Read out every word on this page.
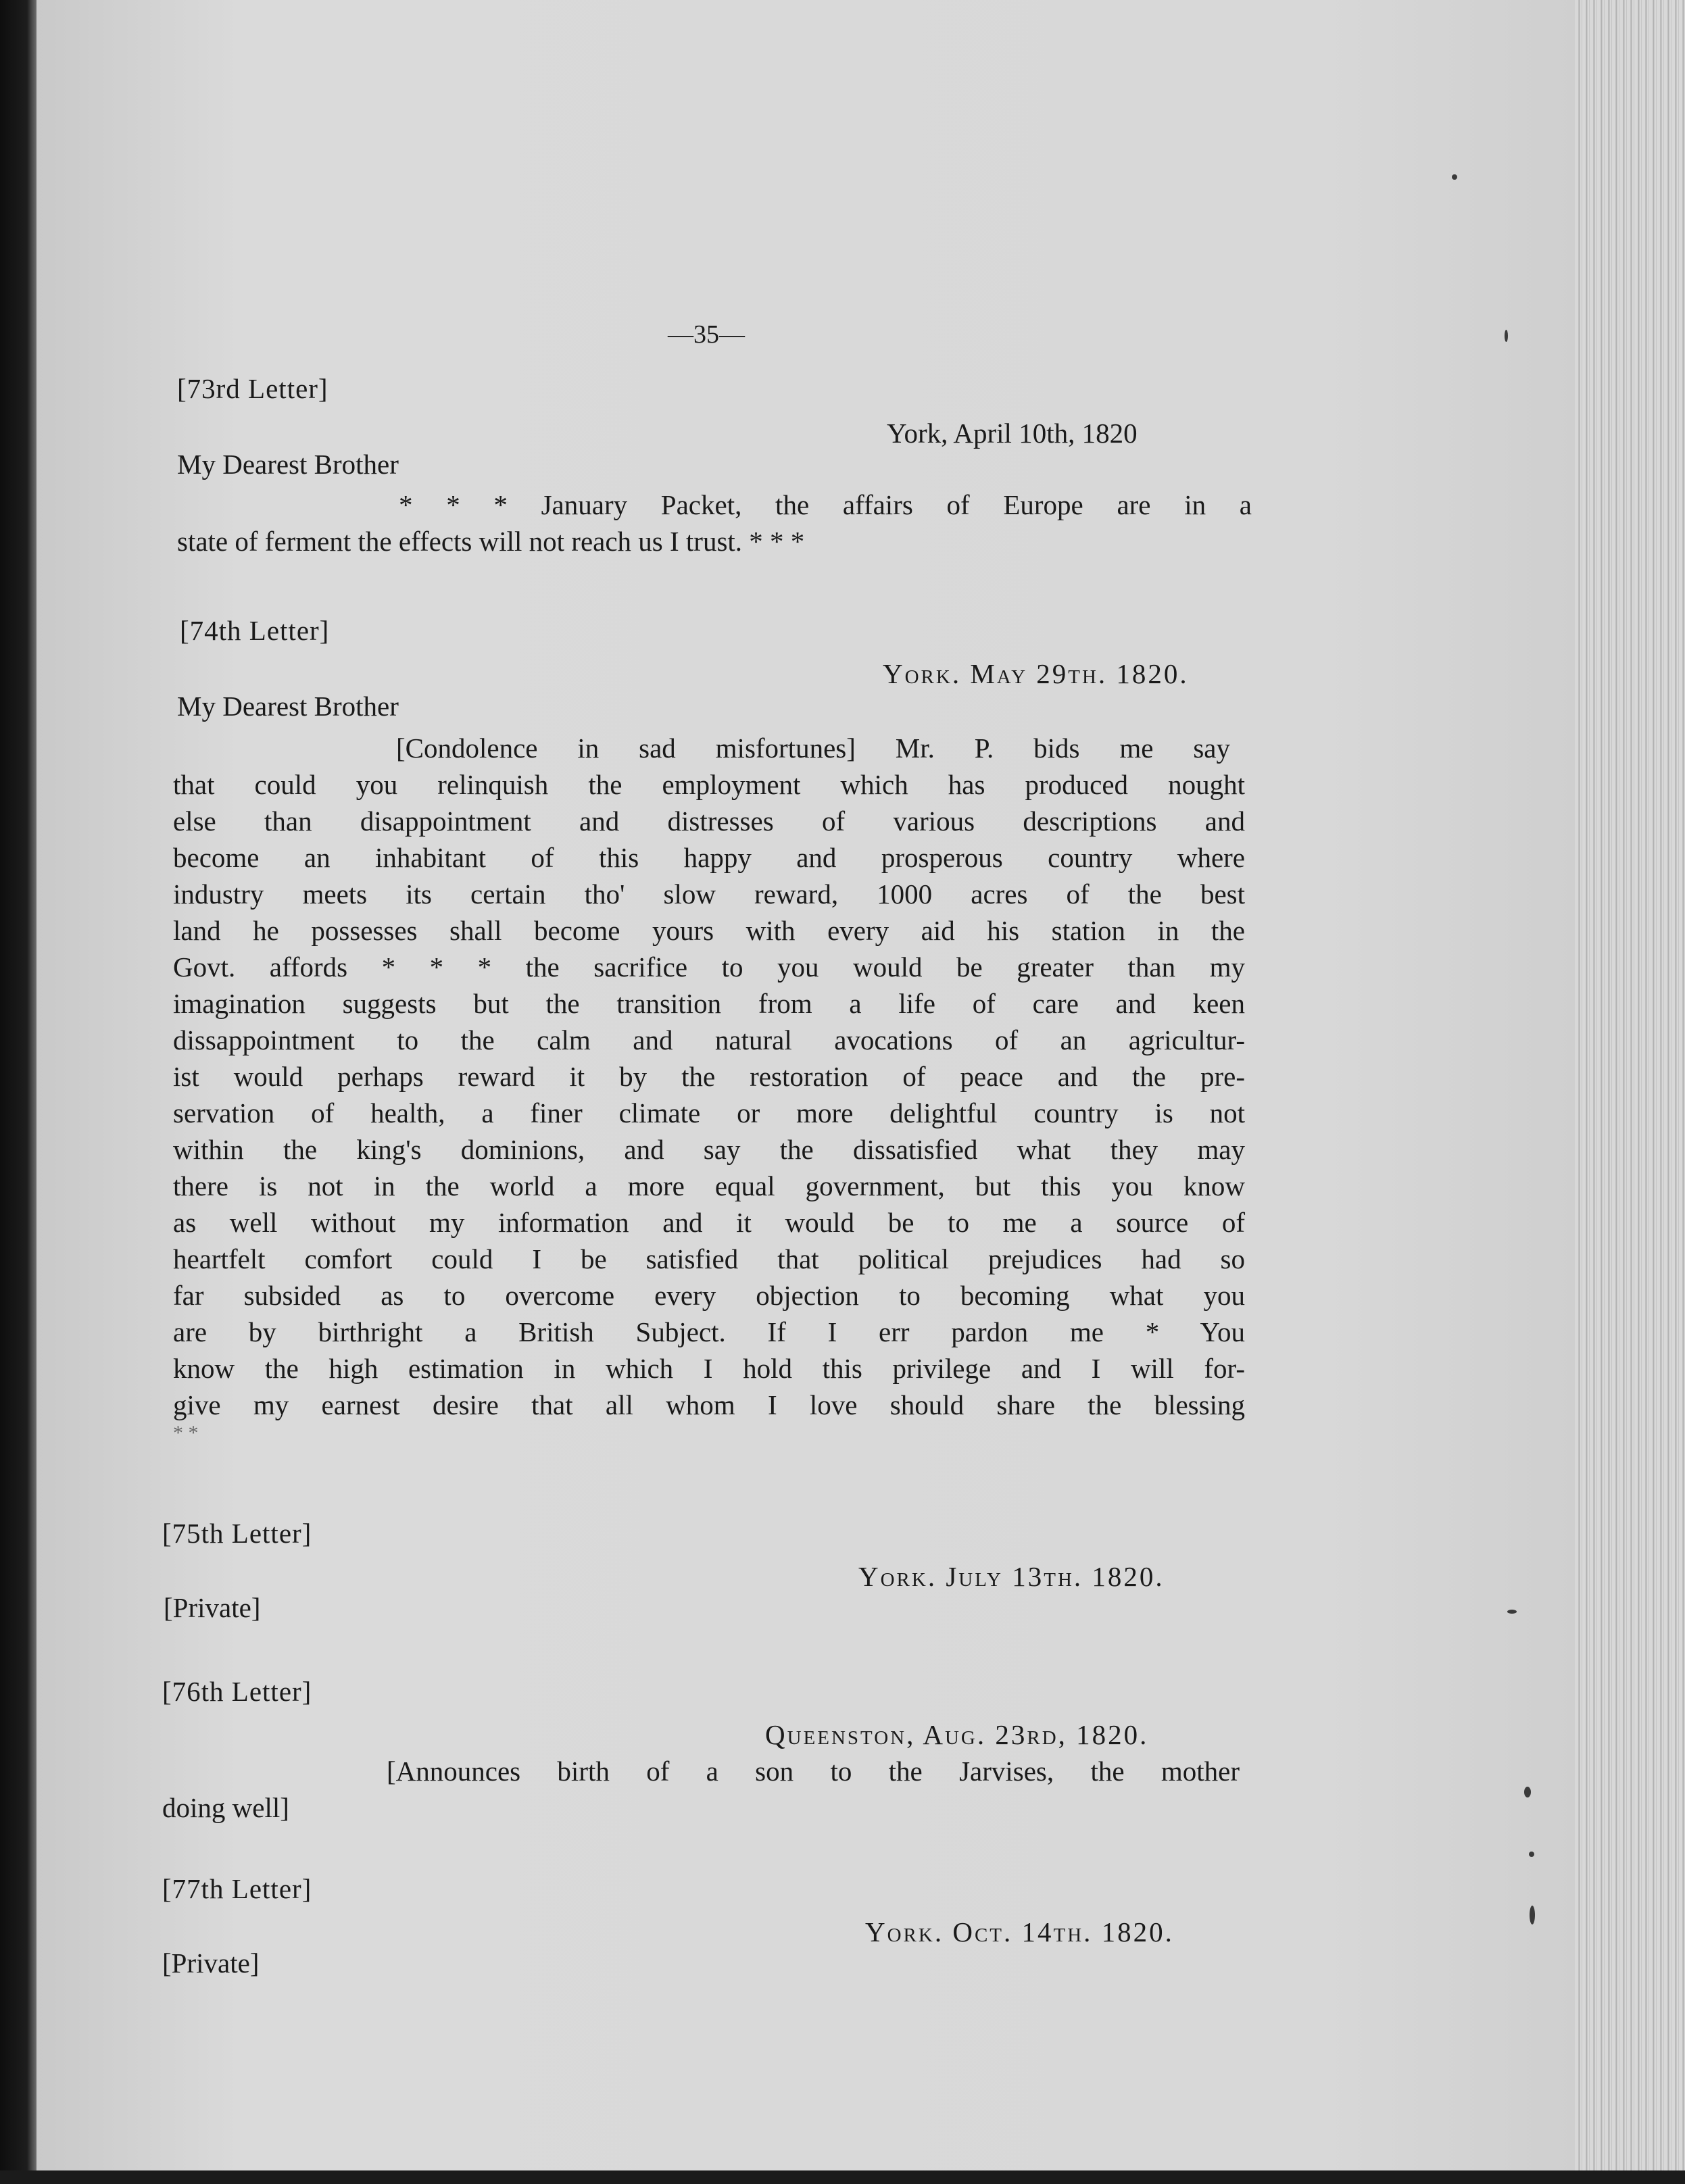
—35—
[73rd Letter]
York, April 10th, 1820
My Dearest Brother
* * * January Packet, the affairs of Europe are in a
state of ferment the effects will not reach us I trust. * * *
[74th Letter]
York. May 29th. 1820.
My Dearest Brother
[Condolence in sad misfortunes] Mr. P. bids me say
that could you relinquish the employment which has produced nought
else than disappointment and distresses of various descriptions and
become an inhabitant of this happy and prosperous country where
industry meets its certain tho' slow reward, 1000 acres of the best
land he possesses shall become yours with every aid his station in the
Govt. affords * * * the sacrifice to you would be greater than my
imagination suggests but the transition from a life of care and keen
dissappointment to the calm and natural avocations of an agricultur-
ist would perhaps reward it by the restoration of peace and the pre-
servation of health, a finer climate or more delightful country is not
within the king's dominions, and say the dissatisfied what they may
there is not in the world a more equal government, but this you know
as well without my information and it would be to me a source of
heartfelt comfort could I be satisfied that political prejudices had so
far subsided as to overcome every objection to becoming what you
are by birthright a British Subject. If I err pardon me * You
know the high estimation in which I hold this privilege and I will for-
give my earnest desire that all whom I love should share the blessing
* *
[75th Letter]
York. July 13th. 1820.
[Private]
[76th Letter]
Queenston, Aug. 23rd, 1820.
[Announces birth of a son to the Jarvises, the mother
doing well]
[77th Letter]
York. Oct. 14th. 1820.
[Private]
